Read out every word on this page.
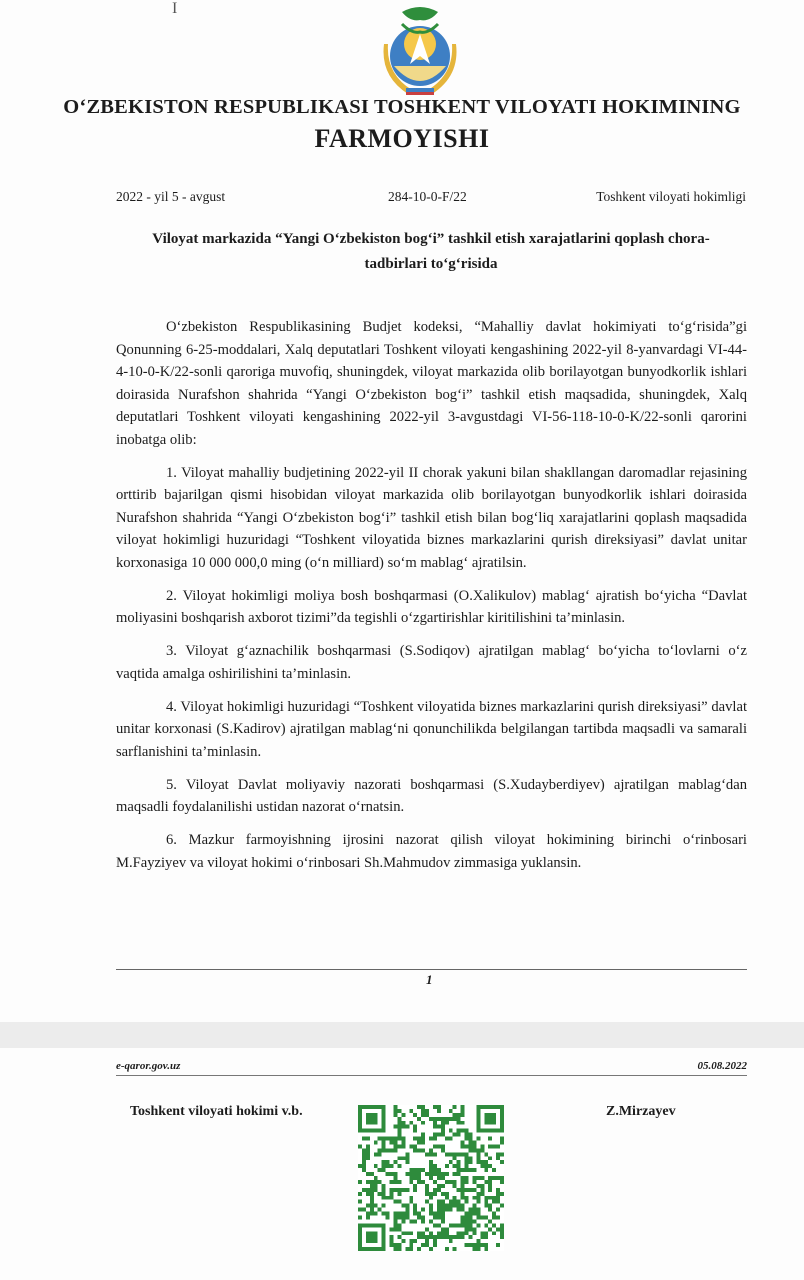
I
O‘ZBEKISTON RESPUBLIKASI TOSHKENT VILOYATI HOKIMINING
FARMOYISHI
2022 - yil 5 - avgust	284-10-0-F/22	Toshkent viloyati hokimligi
Viloyat markazida “Yangi O‘zbekiston bog‘i” tashkil etish xarajatlarini qoplash chora-
tadbirlari to‘g‘risida

O‘zbekiston Respublikasining Budjet kodeksi, “Mahalliy davlat hokimiyati to‘g‘risida”gi Qonunning 6-25-moddalari, Xalq deputatlari Toshkent viloyati kengashining 2022-yil 8-yanvardagi VI-44-4-10-0-K/22-sonli qaroriga muvofiq, shuningdek, viloyat markazida olib borilayotgan bunyodkorlik ishlari doirasida Nurafshon shahrida “Yangi O‘zbekiston bog‘i” tashkil etish maqsadida, shuningdek, Xalq deputatlari Toshkent viloyati kengashining 2022-yil 3-avgustdagi VI-56-118-10-0-K/22-sonli qarorini inobatga olib:

1. Viloyat mahalliy budjetining 2022-yil II chorak yakuni bilan shakllangan daromadlar rejasining orttirib bajarilgan qismi hisobidan viloyat markazida olib borilayotgan bunyodkorlik ishlari doirasida Nurafshon shahrida “Yangi O‘zbekiston bog‘i” tashkil etish bilan bog‘liq xarajatlarini qoplash maqsadida viloyat hokimligi huzuridagi “Toshkent viloyatida biznes markazlarini qurish direksiyasi” davlat unitar korxonasiga 10 000 000,0 ming (o‘n milliard) so‘m mablag‘ ajratilsin.

2. Viloyat hokimligi moliya bosh boshqarmasi (O.Xalikulov) mablag‘ ajratish bo‘yicha “Davlat moliyasini boshqarish axborot tizimi”da tegishli o‘zgartirishlar kiritilishini ta’minlasin.

3. Viloyat g‘aznachilik boshqarmasi (S.Sodiqov) ajratilgan mablag‘ bo‘yicha to‘lovlarni o‘z vaqtida amalga oshirilishini ta’minlasin.

4. Viloyat hokimligi huzuridagi “Toshkent viloyatida biznes markazlarini qurish direksiyasi” davlat unitar korxonasi (S.Kadirov) ajratilgan mablag‘ni qonunchilikda belgilangan tartibda maqsadli va samarali sarflanishini ta’minlasin.

5. Viloyat Davlat moliyaviy nazorati boshqarmasi (S.Xudayberdiyev) ajratilgan mablag‘dan maqsadli foydalanilishi ustidan nazorat o‘rnatsin.

6. Mazkur farmoyishning ijrosini nazorat qilish viloyat hokimining birinchi o‘rinbosari M.Fayziyev va viloyat hokimi o‘rinbosari Sh.Mahmudov zimmasiga yuklansin.

1
e-qaror.gov.uz	05.08.2022
Toshkent viloyati hokimi v.b.	Z.Mirzayev
